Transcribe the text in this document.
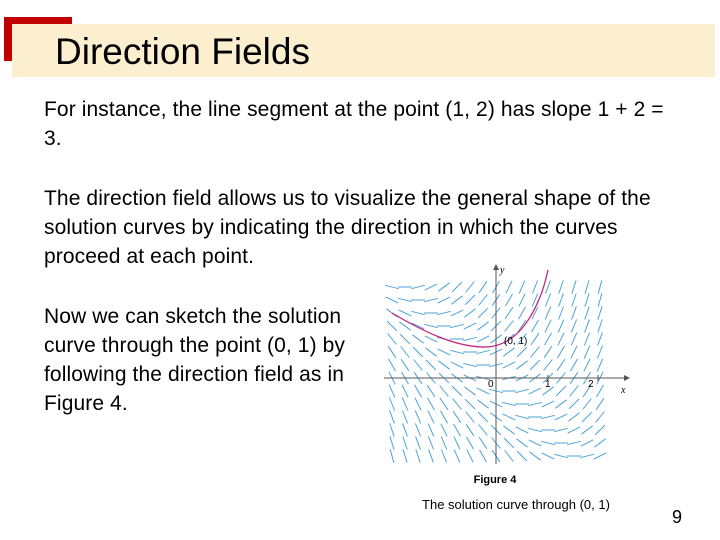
Direction Fields

For instance, the line segment at the point (1, 2) has slope 1 + 2 = 3.

The direction field allows us to visualize the general shape of the solution curves by indicating the direction in which the curves proceed at each point.

Now we can sketch the solution curve through the point (0, 1) by following the direction field as in Figure 4.

y
x
0	1	2
(0, 1)
Figure 4
The solution curve through (0, 1)
9
